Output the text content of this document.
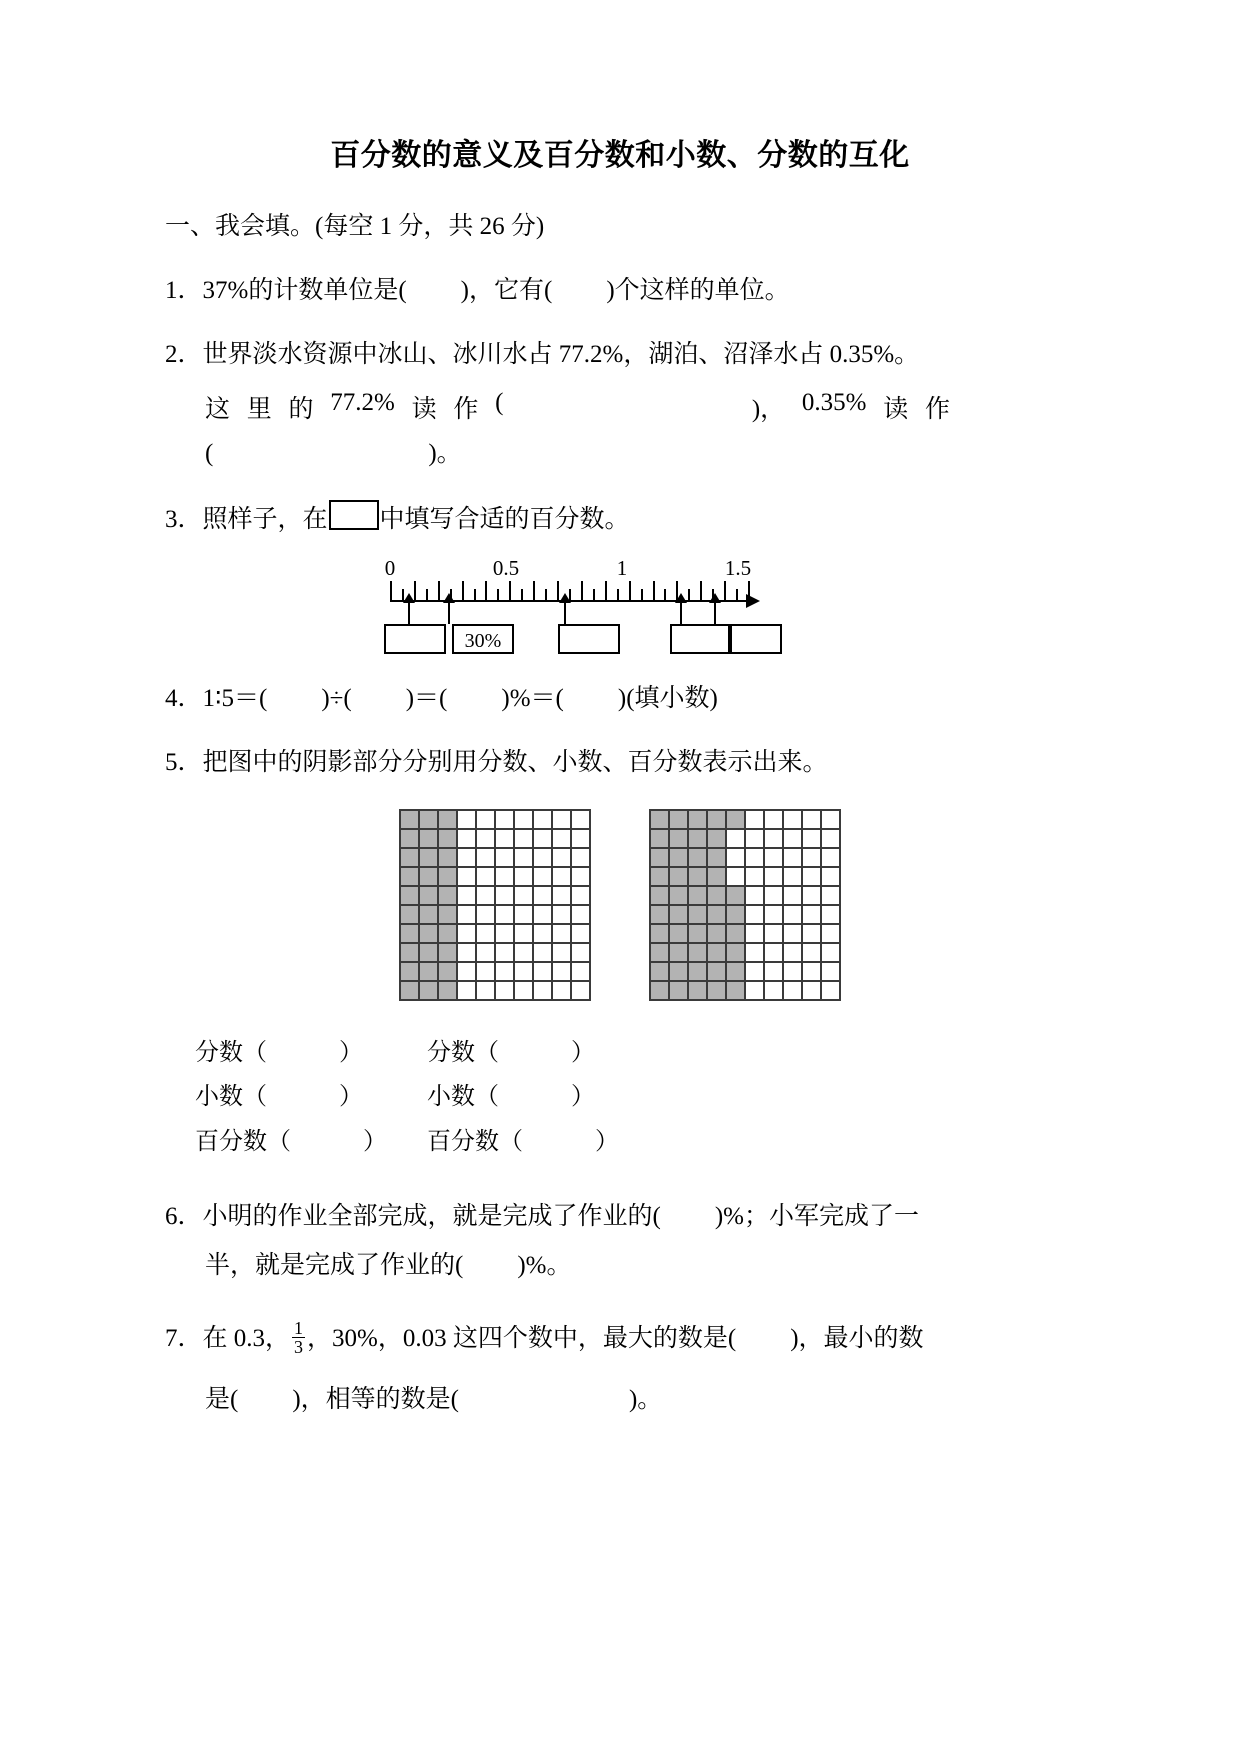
百分数的意义及百分数和小数、分数的互化
一、我会填。(每空 1 分，共 26 分)
1．37%的计数单位是( )，它有( )个这样的单位。
2．世界淡水资源中冰山、冰川水占 77.2%，湖泊、沼泽水占 0.35%。
这 里 的 77.2% 读 作 (	)， 0.35% 读 作
(	)。
3．照样子，在 中填写合适的百分数。
0	0.5	1	1.5
30%
4．1∶5＝( )÷( )＝( )%＝( )(填小数)
5．把图中的阴影部分分别用分数、小数、百分数表示出来。
分数（	）	分数（	）
小数（	）	小数（	）
百分数（	）	百分数（	）
6．小明的作业全部完成，就是完成了作业的( )%；小军完成了一
半，就是完成了作业的( )%。
7．在 0.3， $\frac{1}{3}$ ，30%，0.03 这四个数中，最大的数是( )，最小的数
是( )，相等的数是(	)。
